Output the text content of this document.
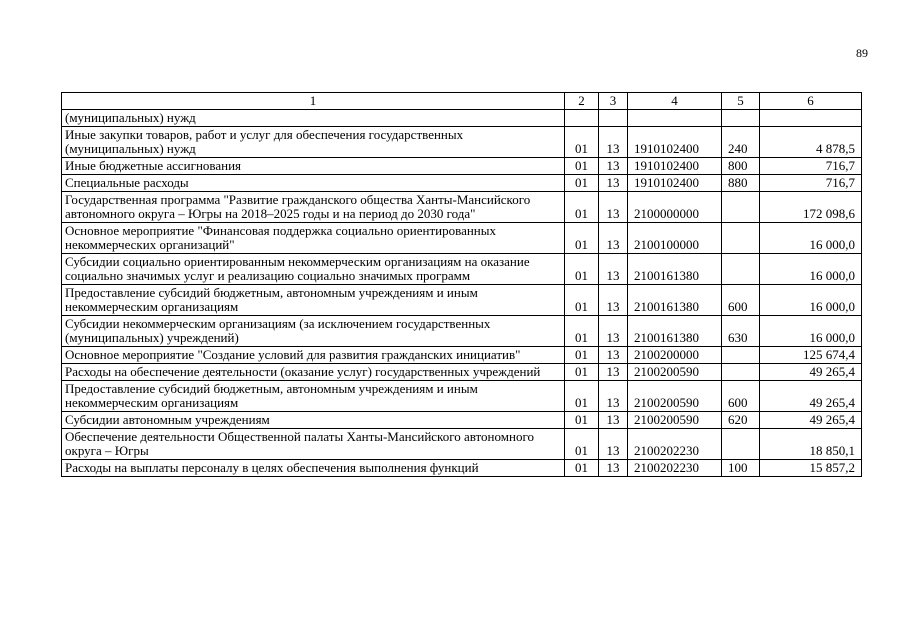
89
1	2	3	4	5	6
(муниципальных) нужд					
Иные закупки товаров, работ и услуг для обеспечения государственных (муниципальных) нужд	01	13	1910102400	240	4 878,5
Иные бюджетные ассигнования	01	13	1910102400	800	716,7
Специальные расходы	01	13	1910102400	880	716,7
Государственная программа "Развитие гражданского общества Ханты-Мансийского автономного округа – Югры на 2018–2025 годы и на период до 2030 года"	01	13	2100000000		172 098,6
Основное мероприятие "Финансовая поддержка социально ориентированных некоммерческих организаций"	01	13	2100100000		16 000,0
Субсидии социально ориентированным некоммерческим организациям на оказание социально значимых услуг и реализацию социально значимых программ	01	13	2100161380		16 000,0
Предоставление субсидий бюджетным, автономным учреждениям и иным некоммерческим организациям	01	13	2100161380	600	16 000,0
Субсидии некоммерческим организациям (за исключением государственных (муниципальных) учреждений)	01	13	2100161380	630	16 000,0
Основное мероприятие "Создание условий для развития гражданских инициатив"	01	13	2100200000		125 674,4
Расходы на обеспечение деятельности (оказание услуг) государственных учреждений	01	13	2100200590		49 265,4
Предоставление субсидий бюджетным, автономным учреждениям и иным некоммерческим организациям	01	13	2100200590	600	49 265,4
Субсидии автономным учреждениям	01	13	2100200590	620	49 265,4
Обеспечение деятельности Общественной палаты Ханты-Мансийского автономного округа – Югры	01	13	2100202230		18 850,1
Расходы на выплаты персоналу в целях обеспечения выполнения функций	01	13	2100202230	100	15 857,2
